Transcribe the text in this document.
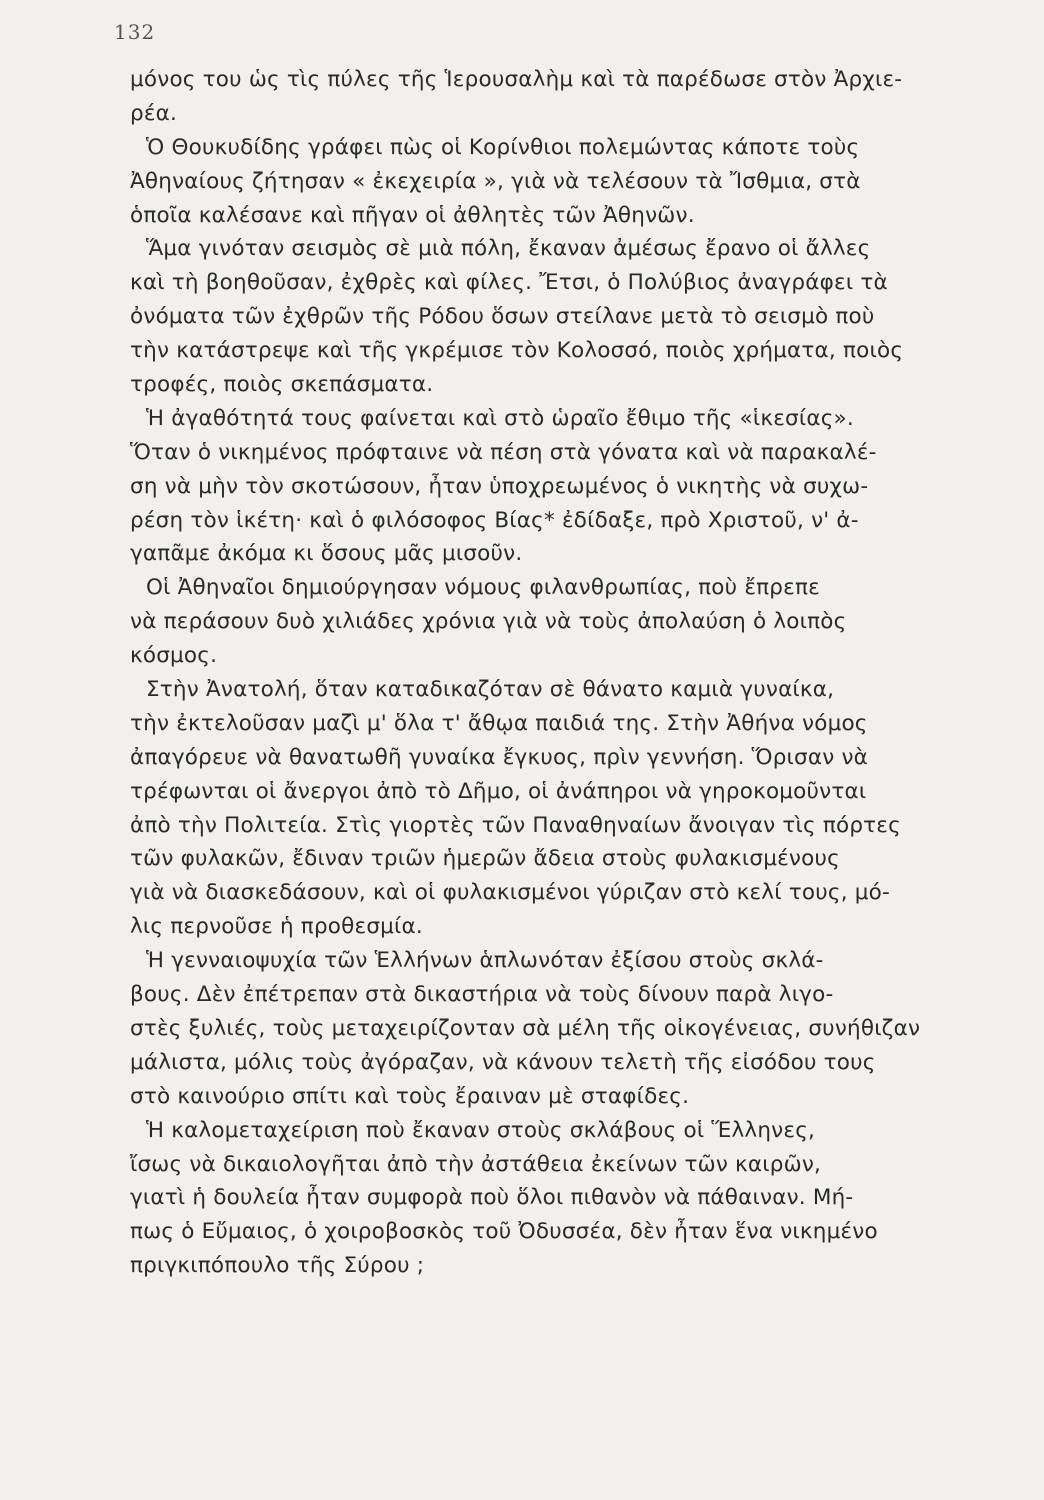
132
μόνος του ὡς τὶς πύλες τῆς Ἱερουσαλὴμ καὶ τὰ παρέδωσε στὸν Ἀρχιε-
ρέα.
Ὁ Θουκυδίδης γράφει πὼς οἱ Κορίνθιοι πολεμώντας κάποτε τοὺς
Ἀθηναίους ζήτησαν « ἐκεχειρία », γιὰ νὰ τελέσουν τὰ Ἴσθμια, στὰ
ὁποῖα καλέσανε καὶ πῆγαν οἱ ἀθλητὲς τῶν Ἀθηνῶν.
Ἅμα γινόταν σεισμὸς σὲ μιὰ πόλη, ἔκαναν ἀμέσως ἔρανο οἱ ἄλλες
καὶ τὴ βοηθοῦσαν, ἐχθρὲς καὶ φίλες. Ἔτσι, ὁ Πολύβιος ἀναγράφει τὰ
ὀνόματα τῶν ἐχθρῶν τῆς Ρόδου ὅσων στείλανε μετὰ τὸ σεισμὸ ποὺ
τὴν κατάστρεψε καὶ τῆς γκρέμισε τὸν Κολοσσό, ποιὸς χρήματα, ποιὸς
τροφές, ποιὸς σκεπάσματα.
Ἡ ἀγαθότητά τους φαίνεται καὶ στὸ ὡραῖο ἔθιμο τῆς «ἱκεσίας».
Ὅταν ὁ νικημένος πρόφταινε νὰ πέση στὰ γόνατα καὶ νὰ παρακαλέ-
ση νὰ μὴν τὸν σκοτώσουν, ἦταν ὑποχρεωμένος ὁ νικητὴς νὰ συχω-
ρέση τὸν ἱκέτη· καὶ ὁ φιλόσοφος Βίας* ἐδίδαξε, πρὸ Χριστοῦ, ν' ἀ-
γαπᾶμε ἀκόμα κι ὅσους μᾶς μισοῦν.
Οἱ Ἀθηναῖοι δημιούργησαν νόμους φιλανθρωπίας, ποὺ ἔπρεπε
νὰ περάσουν δυὸ χιλιάδες χρόνια γιὰ νὰ τοὺς ἀπολαύση ὁ λοιπὸς
κόσμος.
Στὴν Ἀνατολή, ὅταν καταδικαζόταν σὲ θάνατο καμιὰ γυναίκα,
τὴν ἐκτελοῦσαν μαζὶ μ' ὅλα τ' ἄθῳα παιδιά της. Στὴν Ἀθήνα νόμος
ἀπαγόρευε νὰ θανατωθῆ γυναίκα ἔγκυος, πρὶν γεννήση. Ὅρισαν νὰ
τρέφωνται οἱ ἄνεργοι ἀπὸ τὸ Δῆμο, οἱ ἀνάπηροι νὰ γηροκομοῦνται
ἀπὸ τὴν Πολιτεία. Στὶς γιορτὲς τῶν Παναθηναίων ἄνοιγαν τὶς πόρτες
τῶν φυλακῶν, ἔδιναν τριῶν ἡμερῶν ἄδεια στοὺς φυλακισμένους
γιὰ νὰ διασκεδάσουν, καὶ οἱ φυλακισμένοι γύριζαν στὸ κελί τους, μό-
λις περνοῦσε ἡ προθεσμία.
Ἡ γενναιοψυχία τῶν Ἑλλήνων ἁπλωνόταν ἐξίσου στοὺς σκλά-
βους. Δὲν ἐπέτρεπαν στὰ δικαστήρια νὰ τοὺς δίνουν παρὰ λιγο-
στὲς ξυλιές, τοὺς μεταχειρίζονταν σὰ μέλη τῆς οἰκογένειας, συνήθιζαν
μάλιστα, μόλις τοὺς ἀγόραζαν, νὰ κάνουν τελετὴ τῆς εἰσόδου τους
στὸ καινούριο σπίτι καὶ τοὺς ἔραιναν μὲ σταφίδες.
Ἡ καλομεταχείριση ποὺ ἔκαναν στοὺς σκλάβους οἱ Ἕλληνες,
ἴσως νὰ δικαιολογῆται ἀπὸ τὴν ἀστάθεια ἐκείνων τῶν καιρῶν,
γιατὶ ἡ δουλεία ἦταν συμφορὰ ποὺ ὅλοι πιθανὸν νὰ πάθαιναν. Μή-
πως ὁ Εὔμαιος, ὁ χοιροβοσκὸς τοῦ Ὀδυσσέα, δὲν ἦταν ἕνα νικημένο
πριγκιπόπουλο τῆς Σύρου ;
